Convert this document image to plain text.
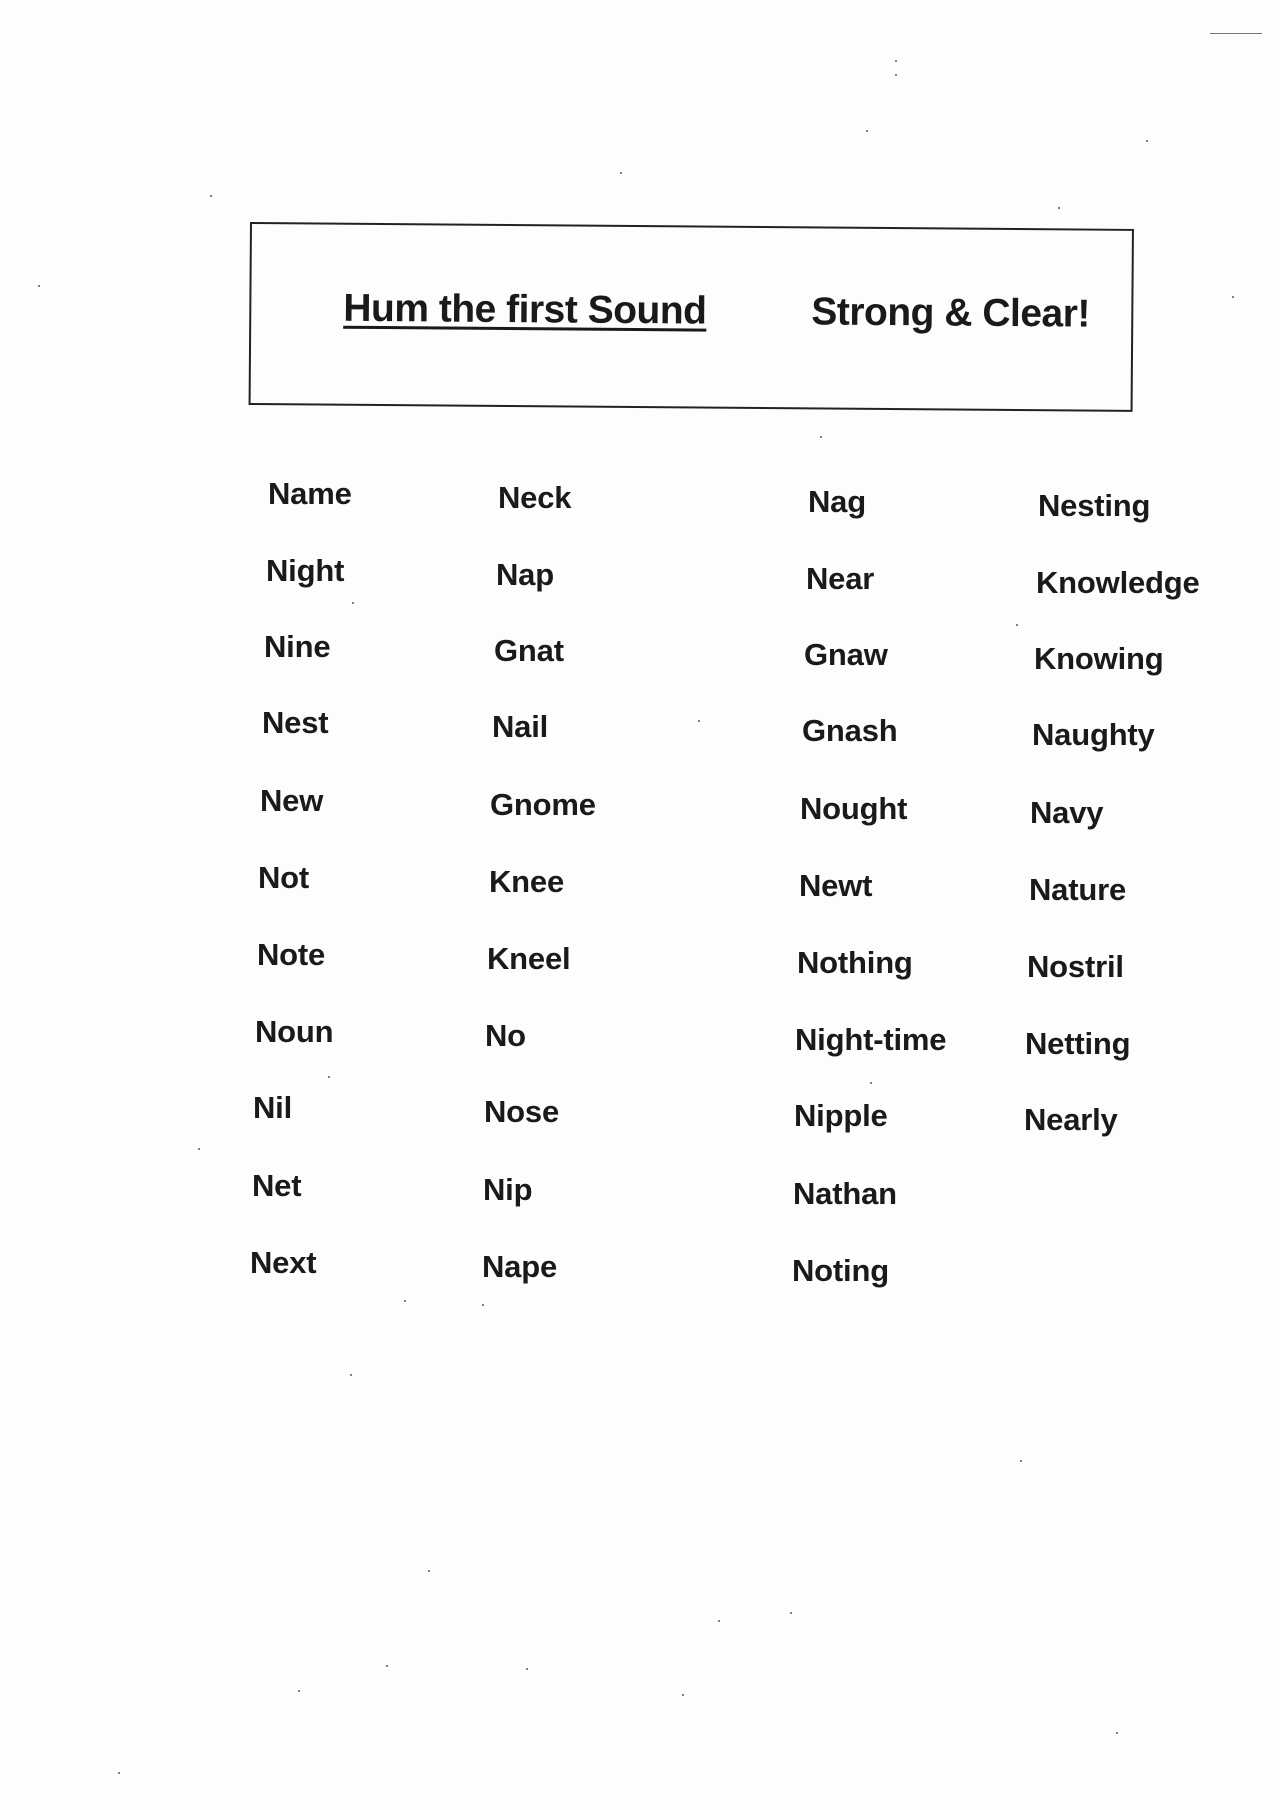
Hum the first Sound	Strong & Clear!
Name
Night
Nine
Nest
New
Not
Note
Noun
Nil
Net
Next
Neck
Nap
Gnat
Nail
Gnome
Knee
Kneel
No
Nose
Nip
Nape
Nag
Near
Gnaw
Gnash
Nought
Newt
Nothing
Night-time
Nipple
Nathan
Noting
Nesting
Knowledge
Knowing
Naughty
Navy
Nature
Nostril
Netting
Nearly
